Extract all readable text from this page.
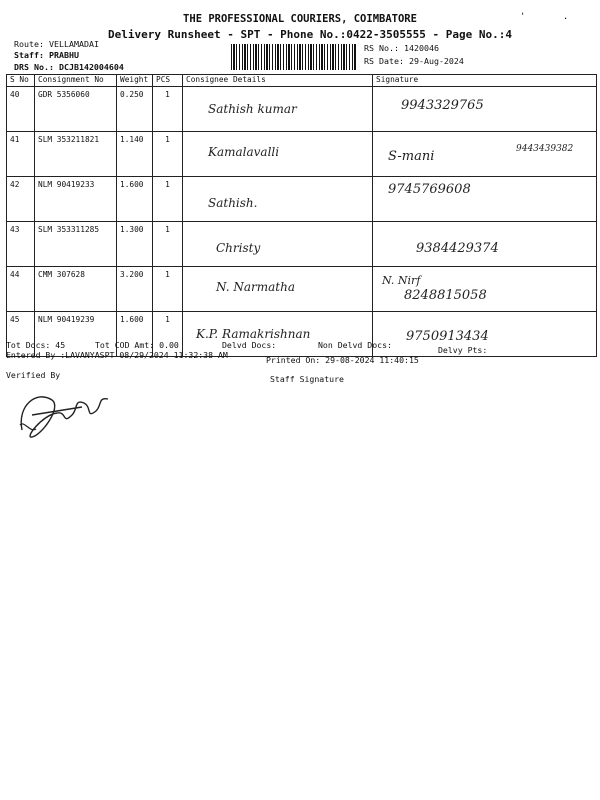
THE PROFESSIONAL COURIERS, COIMBATORE
Delivery Runsheet - SPT - Phone No.:0422-3505555 - Page No.:4
' .
Route: VELLAMADAI
Staff: PRABHU
DRS No.: DCJB142004604
RS No.: 1420046
RS Date: 29-Aug-2024
S No	Consignment No	Weight	PCS	Consignee Details	Signature
40	GDR 5356060	0.250	1	Sathish kumar	9943329765

41	SLM 353211821	1.140	1	Kamalavalli	S-mani 9443439382

42	NLM 90419233	1.600	1	Sathish.	9745769608

43	SLM 353311285	1.300	1	Christy	9384429374

44	CMM 307628	3.200	1	N. Narmatha	N. Nirf
8248815058

45	NLM 90419239	1.600	1	K.P. Ramakrishnan	9750913434
Tot Docs: 45	Tot COD Amt: 0.00	Delvd Docs:	Non Delvd Docs:	Delvy Pts:
Entered By :LAVANYASPT 08/29/2024 11:32:38 AM	Printed On: 29-08-2024 11:40:15
Verified By	Staff Signature
